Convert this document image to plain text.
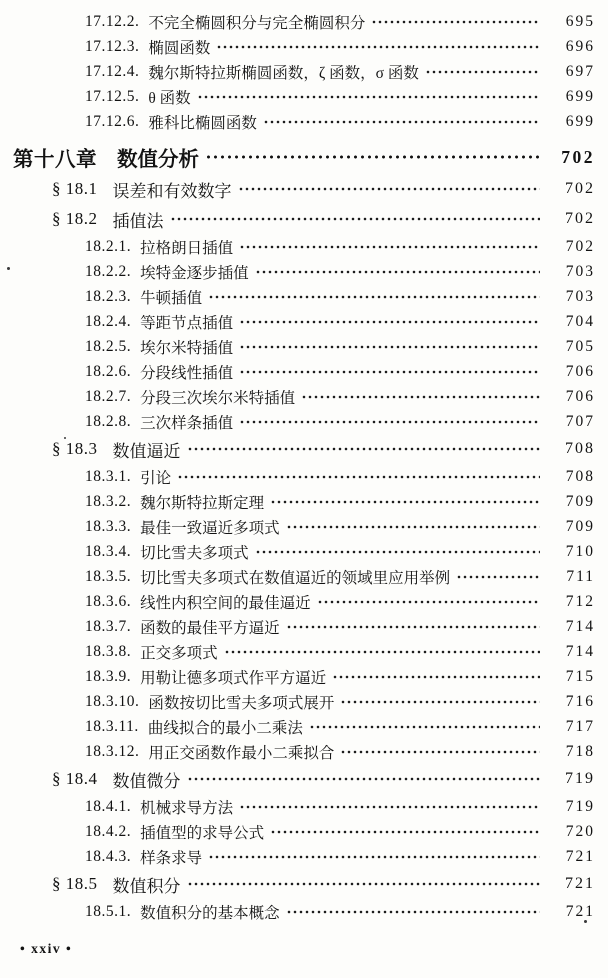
17.12.2. 不完全椭圆积分与完全椭圆积分	695
17.12.3. 椭圆函数	696
17.12.4. 魏尔斯特拉斯椭圆函数，ζ 函数，σ 函数	697
17.12.5. θ 函数	699
17.12.6. 雅科比椭圆函数	699
第十八章 数值分析	702
§ 18.1 误差和有效数字	702
§ 18.2 插值法	702
18.2.1. 拉格朗日插值	702
18.2.2. 埃特金逐步插值	703
18.2.3. 牛顿插值	703
18.2.4. 等距节点插值	704
18.2.5. 埃尔米特插值	705
18.2.6. 分段线性插值	706
18.2.7. 分段三次埃尔米特插值	706
18.2.8. 三次样条插值	707
§ 18.3 数值逼近	708
18.3.1. 引论	708
18.3.2. 魏尔斯特拉斯定理	709
18.3.3. 最佳一致逼近多项式	709
18.3.4. 切比雪夫多项式	710
18.3.5. 切比雪夫多项式在数值逼近的领域里应用举例	711
18.3.6. 线性内积空间的最佳逼近	712
18.3.7. 函数的最佳平方逼近	714
18.3.8. 正交多项式	714
18.3.9. 用勒让德多项式作平方逼近	715
18.3.10. 函数按切比雪夫多项式展开	716
18.3.11. 曲线拟合的最小二乘法	717
18.3.12. 用正交函数作最小二乘拟合	718
§ 18.4 数值微分	719
18.4.1. 机械求导方法	719
18.4.2. 插值型的求导公式	720
18.4.3. 样条求导	721
§ 18.5 数值积分	721
18.5.1. 数值积分的基本概念	721
• xxiv •
